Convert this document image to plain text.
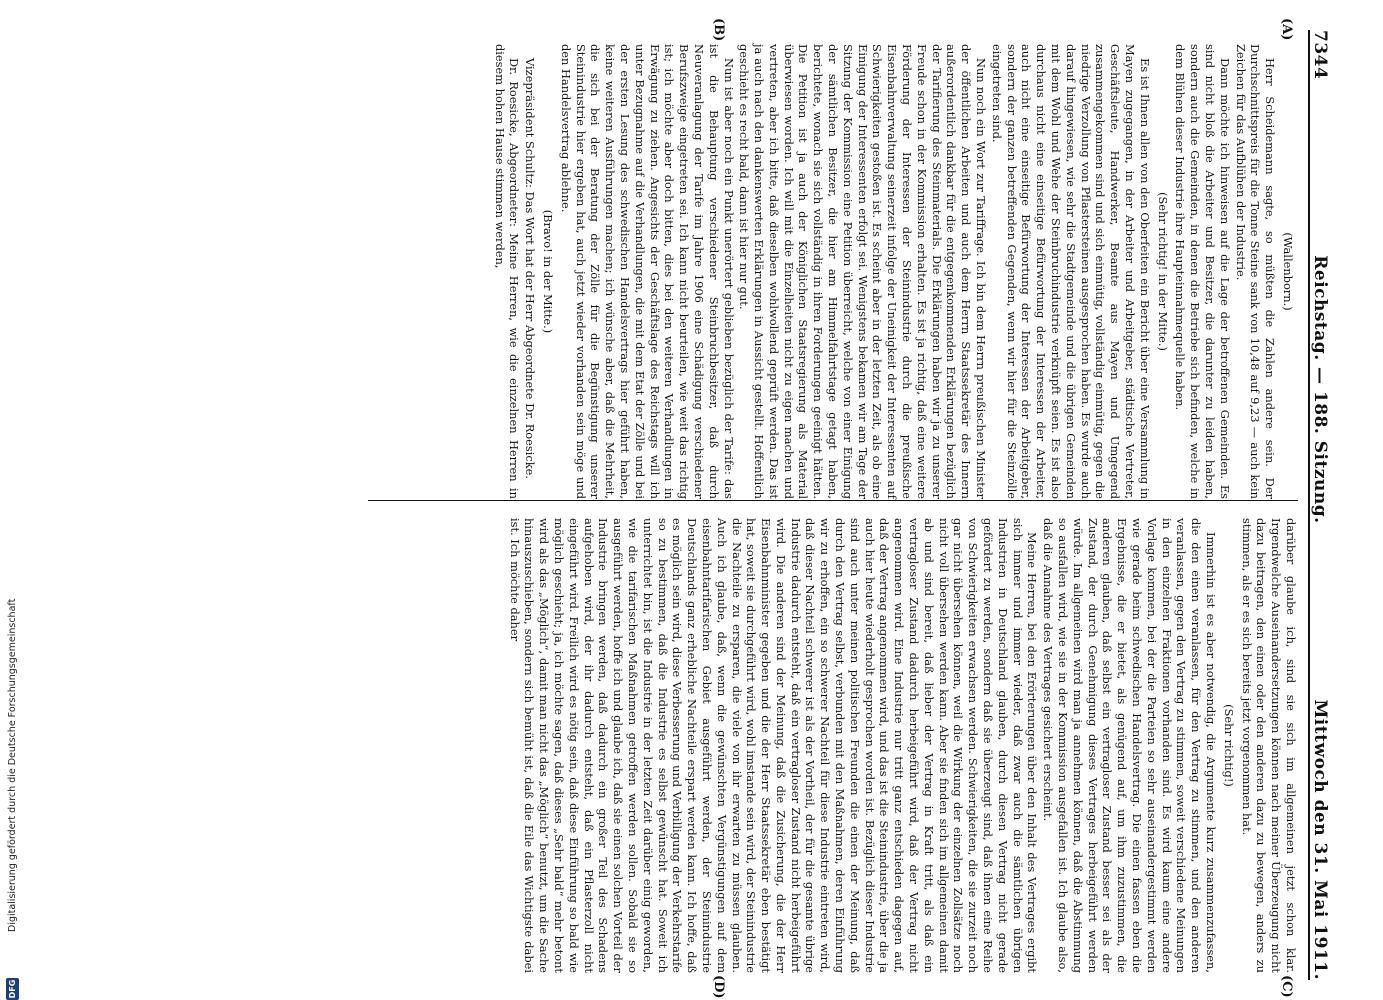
7344
Reichstag. — 188. Sitzung.
Mittwoch den 31. Mai 1911.
(A)
(B)
(C)
(D)

(Wallenborn.)

Herr Scheidemann sagte, so müßten die Zahlen andere sein. Der Durchschnittspreis für die Tonne Steine sank von 10,48 auf 9,23 — auch kein Zeichen für das Aufblühen der Industrie.

Dann möchte ich hinweisen auf die Lage der betroffenen Gemeinden. Es sind nicht bloß die Arbeiter und Besitzer, die darunter zu leiden haben, sondern auch die Gemeinden, in denen die Betriebe sich befinden, welche in dem Blühen dieser Industrie ihre Haupteinnahmequelle haben.

(Sehr richtig! in der Mitte.)

Es ist Ihnen allen von den Oberfeiten ein Bericht über eine Versammlung in Mayen zugegangen, in der Arbeiter und Arbeitgeber, städtische Vertreter, Geschäftsleute, Handwerker, Beamte aus Mayen und Umgegend zusammengekommen sind und sich einmütig, vollständig einmütig, gegen die niedrige Verzollung von Pflastersteinen ausgesprochen haben. Es wurde auch darauf hingewiesen, wie sehr die Stadtgemeinde und die übrigen Gemeinden mit dem Wohl und Wehe der Steinbruchindustrie verknüpft seien. Es ist also durchaus nicht eine einseitige Befürwortung der Interessen der Arbeiter, auch nicht eine einseitige Befürwortung der Interessen der Arbeitgeber, sondern der ganzen betreffenden Gegenden, wenn wir hier für die Steinzölle eingetreten sind.

Nun noch ein Wort zur Tariffrage. Ich bin dem Herrn preußischen Minister der öffentlichen Arbeiten und auch dem Herrn Staatssekretär des Innern außerordentlich dankbar für die entgegenkommenden Erklärungen bezüglich der Tarifierung des Steinmaterials. Die Erklärungen haben wir ja zu unserer Freude schon in der Kommission erhalten. Es ist ja richtig, daß eine weitere Förderung der Interessen der Steinindustrie durch die preußische Eisenbahnverwaltung seinerzeit infolge der Uneinigkeit der Interessenten auf Schwierigkeiten gestoßen ist. Es scheint aber in der letzten Zeit, als ob eine Einigung der Interessenten erfolgt sei. Wenigstens bekamen wir am Tage der Sitzung der Kommission eine Petition überreicht, welche von einer Einigung der sämtlichen Besitzer, die hier am Himmelfahrtstage getagt haben, berichtete, wonach sie sich vollständig in ihren Forderungen geeinigt hätten. Die Petition ist ja auch der Königlichen Staatsregierung als Material überwiesen worden. Ich will mit die Einzelheiten nicht zu eigen machen und vertreten, aber ich bitte, daß dieselben wohlwollend geprüft werden. Das ist ja auch nach den dankenswerten Erklärungen in Aussicht gestellt. Hoffentlich geschieht es recht bald, dann ist hier nur gut.

Nun ist aber noch ein Punkt unerörtert geblieben bezüglich der Tarife: das ist die Behauptung verschiedener Steinbruchbesitzer, daß durch Neuveranlagung der Tarife im Jahre 1906 eine Schädigung verschiedener Berufszweige eingetreten sei. Ich kann nicht beurteilen, wie weit das richtig ist; ich möchte aber doch bitten, dies bei den weiteren Verhandlungen in Erwägung zu ziehen. Angesichts der Geschäftslage des Reichstags will ich unter Bezugnahme auf die Verhandlungen, die mit dem Etat der Zölle und bei der ersten Lesung des schwedischen Handelsvertrags hier geführt haben, keine weiteren Ausführungen machen; ich wünsche aber, daß die Mehrheit, die sich bei der Beratung der Zölle für die Begünstigung unserer Steinindustrie hier ergeben hat, auch jetzt wieder vorhanden sein möge und den Handelsvertrag ablehne.

(Bravo! in der Mitte.)

Vizepräsident Schultz: Das Wort hat der Herr Abgeordnete Dr. Roesicke.

Dr. Roesicke, Abgeordneter: Meine Herren, wie die einzelnen Herren in diesem hohen Hause stimmen werden,

darüber glaube ich, sind sie sich im allgemeinen jetzt schon klar. Irgendwelche Auseinandersetzungen können nach meiner Überzeugung nicht dazu beitragen, den einen oder den anderen dazu zu bewegen, anders zu stimmen, als er es sich bereits jetzt vorgenommen hat.

(Sehr richtig!)

Immerhin ist es aber notwendig, die Argumente kurz zusammenzufassen, die den einen veranlassen, für den Vertrag zu stimmen, und den anderen veranlassen, gegen den Vertrag zu stimmen, soweit verschiedene Meinungen in den einzelnen Fraktionen vorhanden sind. Es wird kaum eine andere Vorlage kommen, bei der die Parteien so sehr auseinandergestimmt werden wie gerade beim schwedischen Handelsvertrag. Die einen fassen eben die Ergebnisse, die er bietet, als genügend auf, um ihm zuzustimmen, die anderen glauben, daß selbst ein vertragloser Zustand besser sei als der Zustand, der durch Genehmigung dieses Vertrages herbeigeführt werden würde. Im allgemeinen wird man ja annehmen können, daß die Abstimmung so ausfallen wird, wie sie in der Kommission ausgefallen ist. Ich glaube also, daß die Annahme des Vertrages gesichert erscheint.

Meine Herren, bei den Erörterungen über den Inhalt des Vertrages ergibt sich immer und immer wieder, daß zwar auch die sämtlichen übrigen Industrien in Deutschland glauben, durch diesen Vertrag nicht gerade gefördert zu werden, sondern daß sie überzeugt sind, daß ihnen eine Reihe von Schwierigkeiten erwachsen werden. Schwierigkeiten, die sie zurzeit noch gar nicht übersehen können, weil die Wirkung der einzelnen Zollsätze noch nicht voll übersehen werden kann. Aber sie finden sich im allgemeinen damit ab und sind bereit, daß lieber der Vertrag in Kraft tritt, als daß ein vertragloser Zustand dadurch herbeigeführt wird, daß der Vertrag nicht angenommen wird. Eine Industrie nur tritt ganz entschieden dagegen auf, daß der Vertrag angenommen wird, und das ist die Steinindustrie, über die ja auch hier heute wiederholt gesprochen worden ist. Bezüglich dieser Industrie sind auch unter meinen politischen Freunden die einen der Meinung, daß durch den Vertrag selbst, verbunden mit den Maßnahmen, deren Einführung wir zu erhoffen, ein so schwerer Nachteil für diese Industrie eintreten wird, daß dieser Nachteil schwerer ist als der Vortheil, der für die gesamte übrige Industrie dadurch entsteht, daß ein vertragloser Zustand nicht herbeigeführt wird. Die anderen sind der Meinung, daß die Zusicherung, die der Herr Eisenbahnminister gegeben und die der Herr Staatssekretär eben bestätigt hat, soweit sie durchgeführt wird, wohl imstande sein wird, der Steinindustrie die Nachteile zu ersparen, die viele von ihr erwarten zu müssen glauben. Auch ich glaube, daß, wenn die gewünschten Vergünstigungen auf dem eisenbahntarifarischen Gebiet ausgeführt werden, der Steinindustrie Deutschlands ganz erhebliche Nachteile erspart werden kann. Ich hoffe, daß es möglich sein wird, diese Verbesserung und Verbilligung der Verkehrstarife so zu bestimmen, daß die Industrie es selbst gewünscht hat. Soweit ich unterrichtet bin, ist die Industrie in der letzten Zeit darüber einig geworden, wie die tarifarischen Maßnahmen getroffen werden sollen. Sobald sie so ausgeführt werden, hoffe ich und glaube ich, daß sie einen solchen Vorteil der Industrie bringen werden, daß dadurch ein großer Teil des Schadens aufgehoben wird, der ihr dadurch entsteht, daß ein Pflasterzoll nicht eingeführt wird. Freilich wird es nötig sein, daß diese Einführung so bald wie möglich geschieht; ja, ich möchte sagen, daß dieses „Sehr bald“ mehr betont wird als das „Möglich“, damit man nicht das „Möglich“ benutzt, um die Sache hinauszuschieben, sondern sich bemüht ist, daß die Eile das Wichtigste dabei ist. Ich möchte daher

DFG
Digitalisierung gefördert durch die Deutsche Forschungsgemeinschaft
